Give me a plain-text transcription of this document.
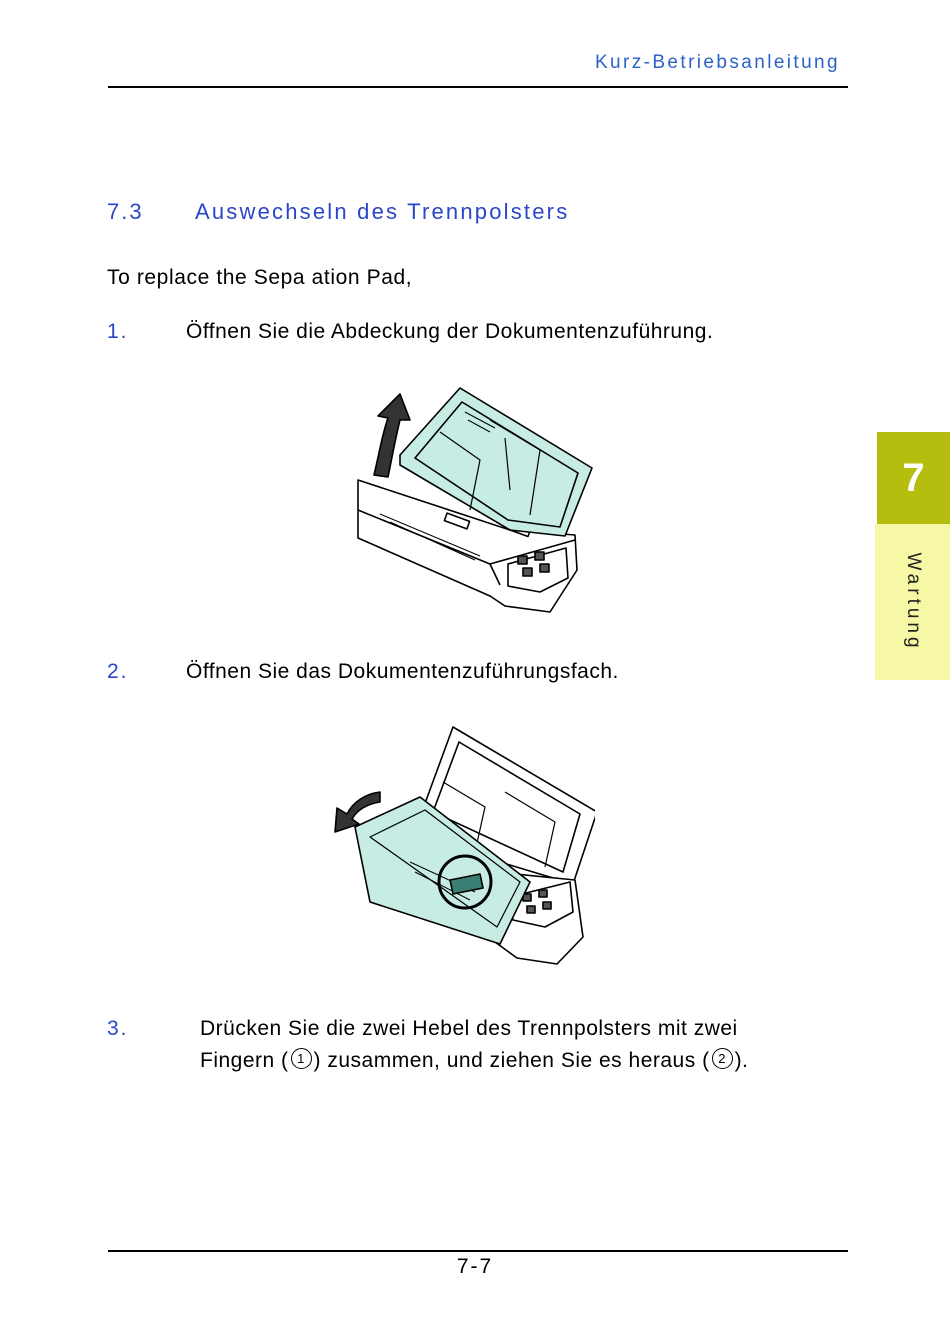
Kurz-Betriebsanleitung
7.3 Auswechseln des Trennpolsters
To replace the Sepa ation Pad,
1.	Öffnen Sie die Abdeckung der Dokumentenzuführung.
2.	Öffnen Sie das Dokumentenzuführungsfach.
3.	Drücken Sie die zwei Hebel des Trennpolsters mit zwei
Fingern ( 1 ) zusammen, und ziehen Sie es heraus ( 2 ).
7
Wartung
7-7
